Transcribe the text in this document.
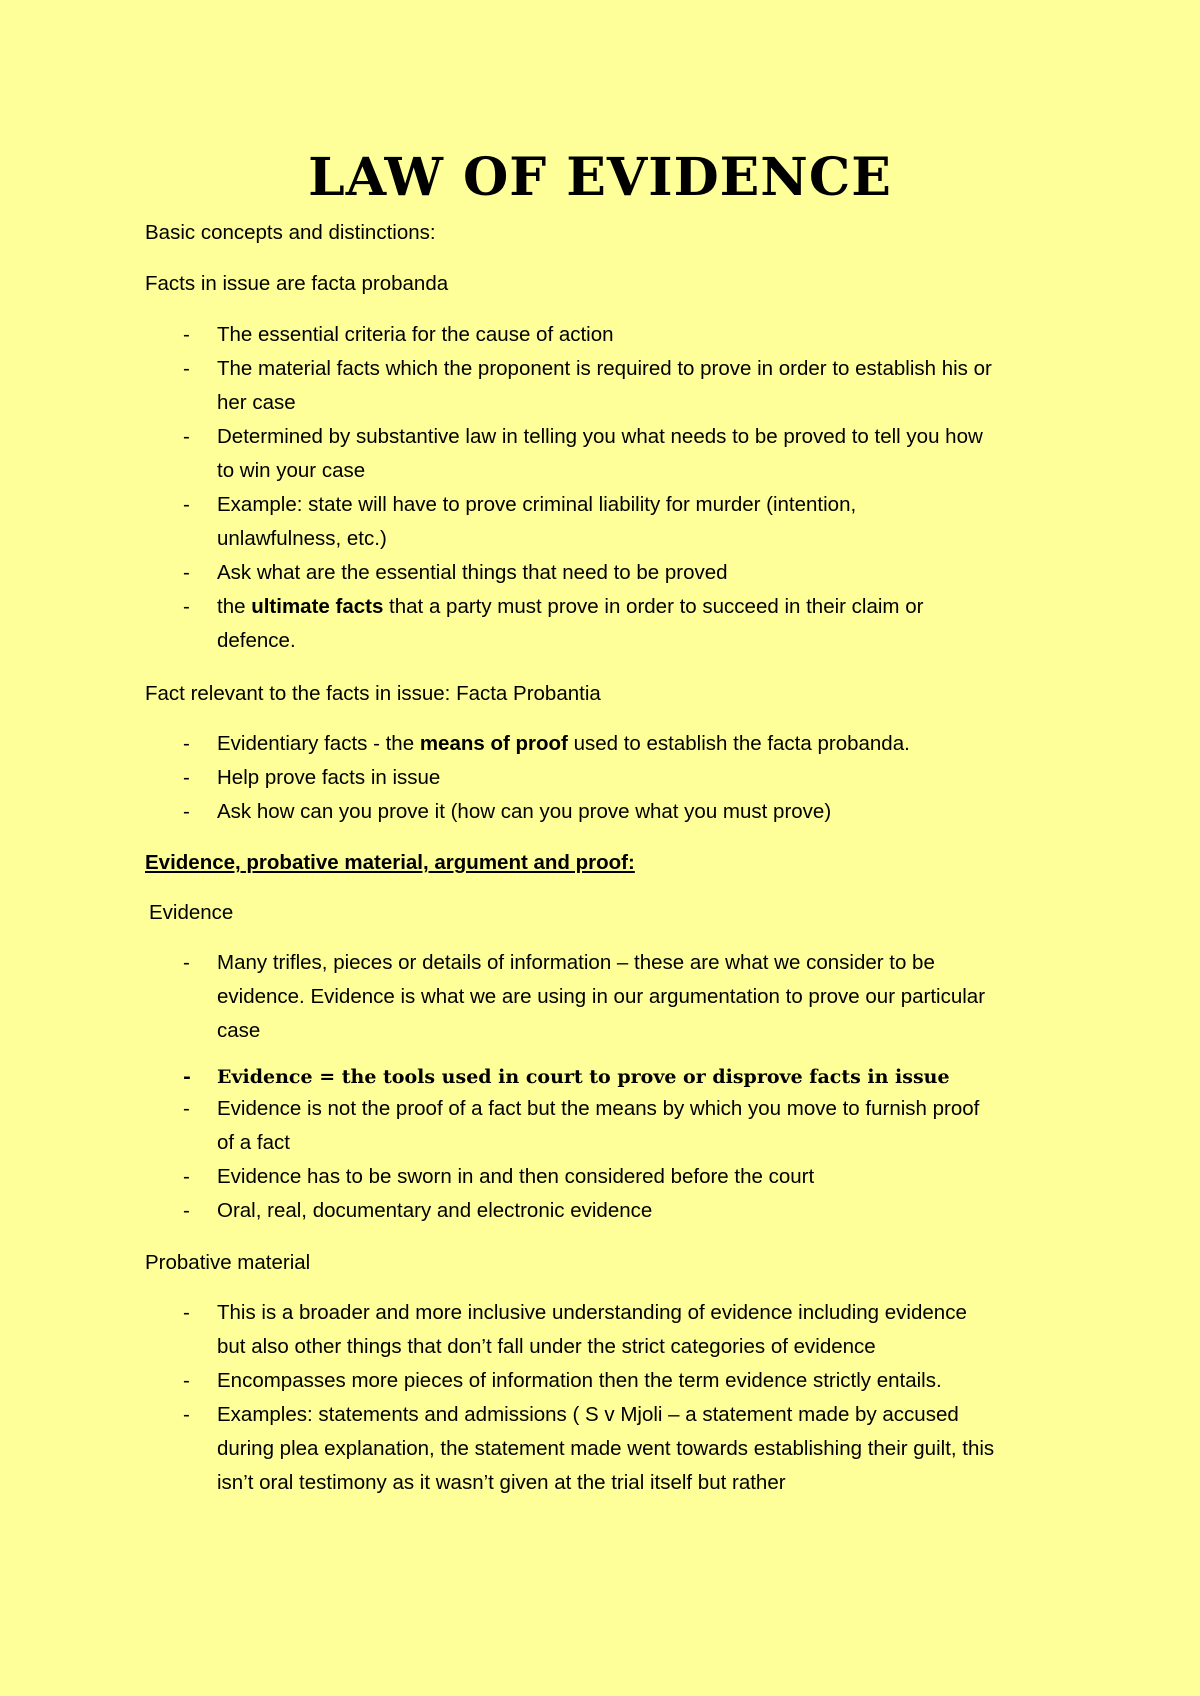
LAW OF EVIDENCE
Basic concepts and distinctions:
Facts in issue are facta probanda
- The essential criteria for the cause of action
- The material facts which the proponent is required to prove in order to establish his or her case
- Determined by substantive law in telling you what needs to be proved to tell you how to win your case
- Example: state will have to prove criminal liability for murder (intention, unlawfulness, etc.)
- Ask what are the essential things that need to be proved
- the ultimate facts that a party must prove in order to succeed in their claim or defence.
Fact relevant to the facts in issue: Facta Probantia
- Evidentiary facts - the means of proof used to establish the facta probanda.
- Help prove facts in issue
- Ask how can you prove it (how can you prove what you must prove)
Evidence, probative material, argument and proof:
Evidence
- Many trifles, pieces or details of information – these are what we consider to be evidence. Evidence is what we are using in our argumentation to prove our particular case
- Evidence = the tools used in court to prove or disprove facts in issue
- Evidence is not the proof of a fact but the means by which you move to furnish proof of a fact
- Evidence has to be sworn in and then considered before the court
- Oral, real, documentary and electronic evidence
Probative material
- This is a broader and more inclusive understanding of evidence including evidence but also other things that don’t fall under the strict categories of evidence
- Encompasses more pieces of information then the term evidence strictly entails.
- Examples: statements and admissions ( S v Mjoli – a statement made by accused during plea explanation, the statement made went towards establishing their guilt, this isn’t oral testimony as it wasn’t given at the trial itself but rather
